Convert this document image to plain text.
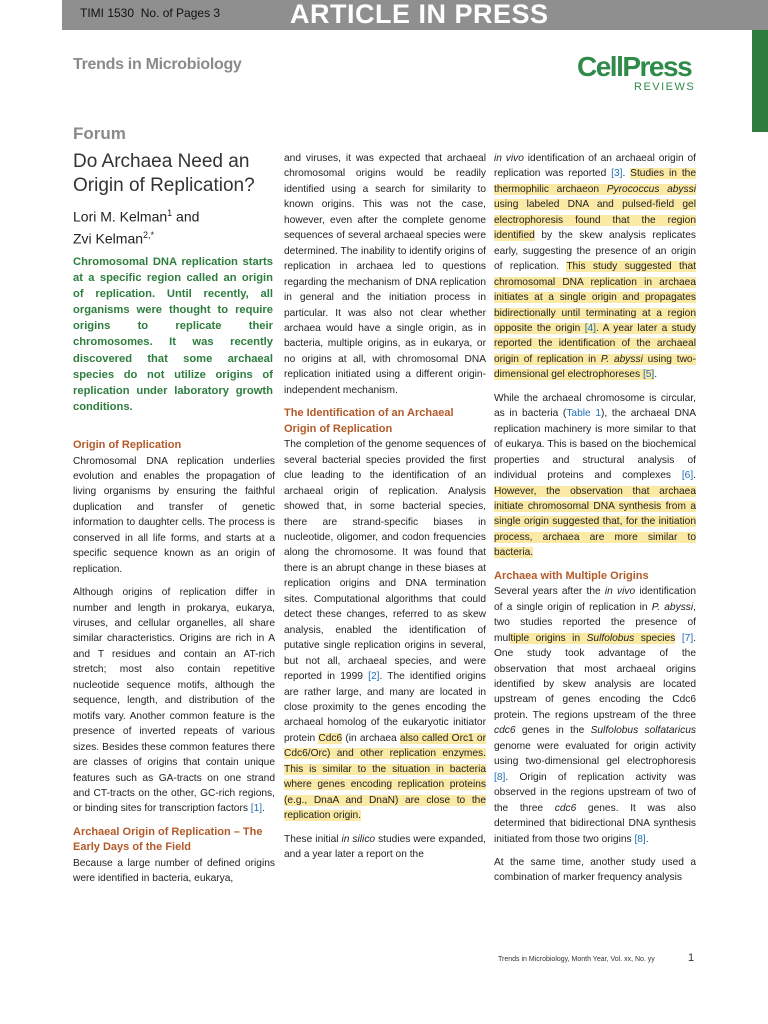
TIMI 1530 No. of Pages 3	ARTICLE IN PRESS
Trends in Microbiology	CellPress
REVIEWS
Forum
Do Archaea Need an Origin of Replication?
Lori M. Kelman$^1$ and
Zvi Kelman$^{2,*}$

Chromosomal DNA replication starts at a specific region called an origin of replication. Until recently, all organisms were thought to require origins to replicate their chromosomes. It was recently discovered that some archaeal species do not utilize origins of replication under laboratory growth conditions.

Origin of Replication

Chromosomal DNA replication underlies evolution and enables the propagation of living organisms by ensuring the faithful duplication and transfer of genetic information to daughter cells. The process is conserved in all life forms, and starts at a specific sequence known as an origin of replication.

Although origins of replication differ in number and length in prokarya, eukarya, viruses, and cellular organelles, all share similar characteristics. Origins are rich in A and T residues and contain an AT-rich stretch; most also contain repetitive nucleotide sequence motifs, although the sequence, length, and distribution of the motifs vary. Another common feature is the presence of inverted repeats of various sizes. Besides these common features there are classes of origins that contain unique features such as GA-tracts on one strand and CT-tracts on the other, GC-rich regions, or binding sites for transcription factors [1].

Archaeal Origin of Replication – The Early Days of the Field

Because a large number of defined origins were identified in bacteria, eukarya,

and viruses, it was expected that archaeal chromosomal origins would be readily identified using a search for similarity to known origins. This was not the case, however, even after the complete genome sequences of several archaeal species were determined. The inability to identify origins of replication in archaea led to questions regarding the mechanism of DNA replication in general and the initiation process in particular. It was also not clear whether archaea would have a single origin, as in bacteria, multiple origins, as in eukarya, or no origins at all, with chromosomal DNA replication initiated using a different origin-independent mechanism.

The Identification of an Archaeal Origin of Replication

The completion of the genome sequences of several bacterial species provided the first clue leading to the identification of an archaeal origin of replication. Analysis showed that, in some bacterial species, there are strand-specific biases in nucleotide, oligomer, and codon frequencies along the chromosome. It was found that there is an abrupt change in these biases at replication origins and DNA termination sites. Computational algorithms that could detect these changes, referred to as skew analysis, enabled the identification of putative single replication origins in several, but not all, archaeal species, and were reported in 1999 [2]. The identified origins are rather large, and many are located in close proximity to the genes encoding the archaeal homolog of the eukaryotic initiator protein Cdc6 (in archaea also called Orc1 or Cdc6/Orc) and other replication enzymes. This is similar to the situation in bacteria where genes encoding replication proteins (e.g., DnaA and DnaN) are close to the replication origin.

These initial in silico studies were expanded, and a year later a report on the

in vivo identification of an archaeal origin of replication was reported [3]. Studies in the thermophilic archaeon Pyrococcus abyssi using labeled DNA and pulsed-field gel electrophoresis found that the region identified by the skew analysis replicates early, suggesting the presence of an origin of replication. This study suggested that chromosomal DNA replication in archaea initiates at a single origin and propagates bidirectionally until terminating at a region opposite the origin [4]. A year later a study reported the identification of the archaeal origin of replication in P. abyssi using two-dimensional gel electrophoreses [5].

While the archaeal chromosome is circular, as in bacteria (Table 1), the archaeal DNA replication machinery is more similar to that of eukarya. This is based on the biochemical properties and structural analysis of individual proteins and complexes [6]. However, the observation that archaea initiate chromosomal DNA synthesis from a single origin suggested that, for the initiation process, archaea are more similar to bacteria.

Archaea with Multiple Origins

Several years after the in vivo identification of a single origin of replication in P. abyssi, two studies reported the presence of multiple origins in Sulfolobus species [7]. One study took advantage of the observation that most archaeal origins identified by skew analysis are located upstream of genes encoding the Cdc6 protein. The regions upstream of the three cdc6 genes in the Sulfolobus solfataricus genome were evaluated for origin activity using two-dimensional gel electrophoresis [8]. Origin of replication activity was observed in the regions upstream of two of the three cdc6 genes. It was also determined that bidirectional DNA synthesis initiated from those two origins [8].

At the same time, another study used a combination of marker frequency analysis

Trends in Microbiology, Month Year, Vol. xx, No. yy	1
